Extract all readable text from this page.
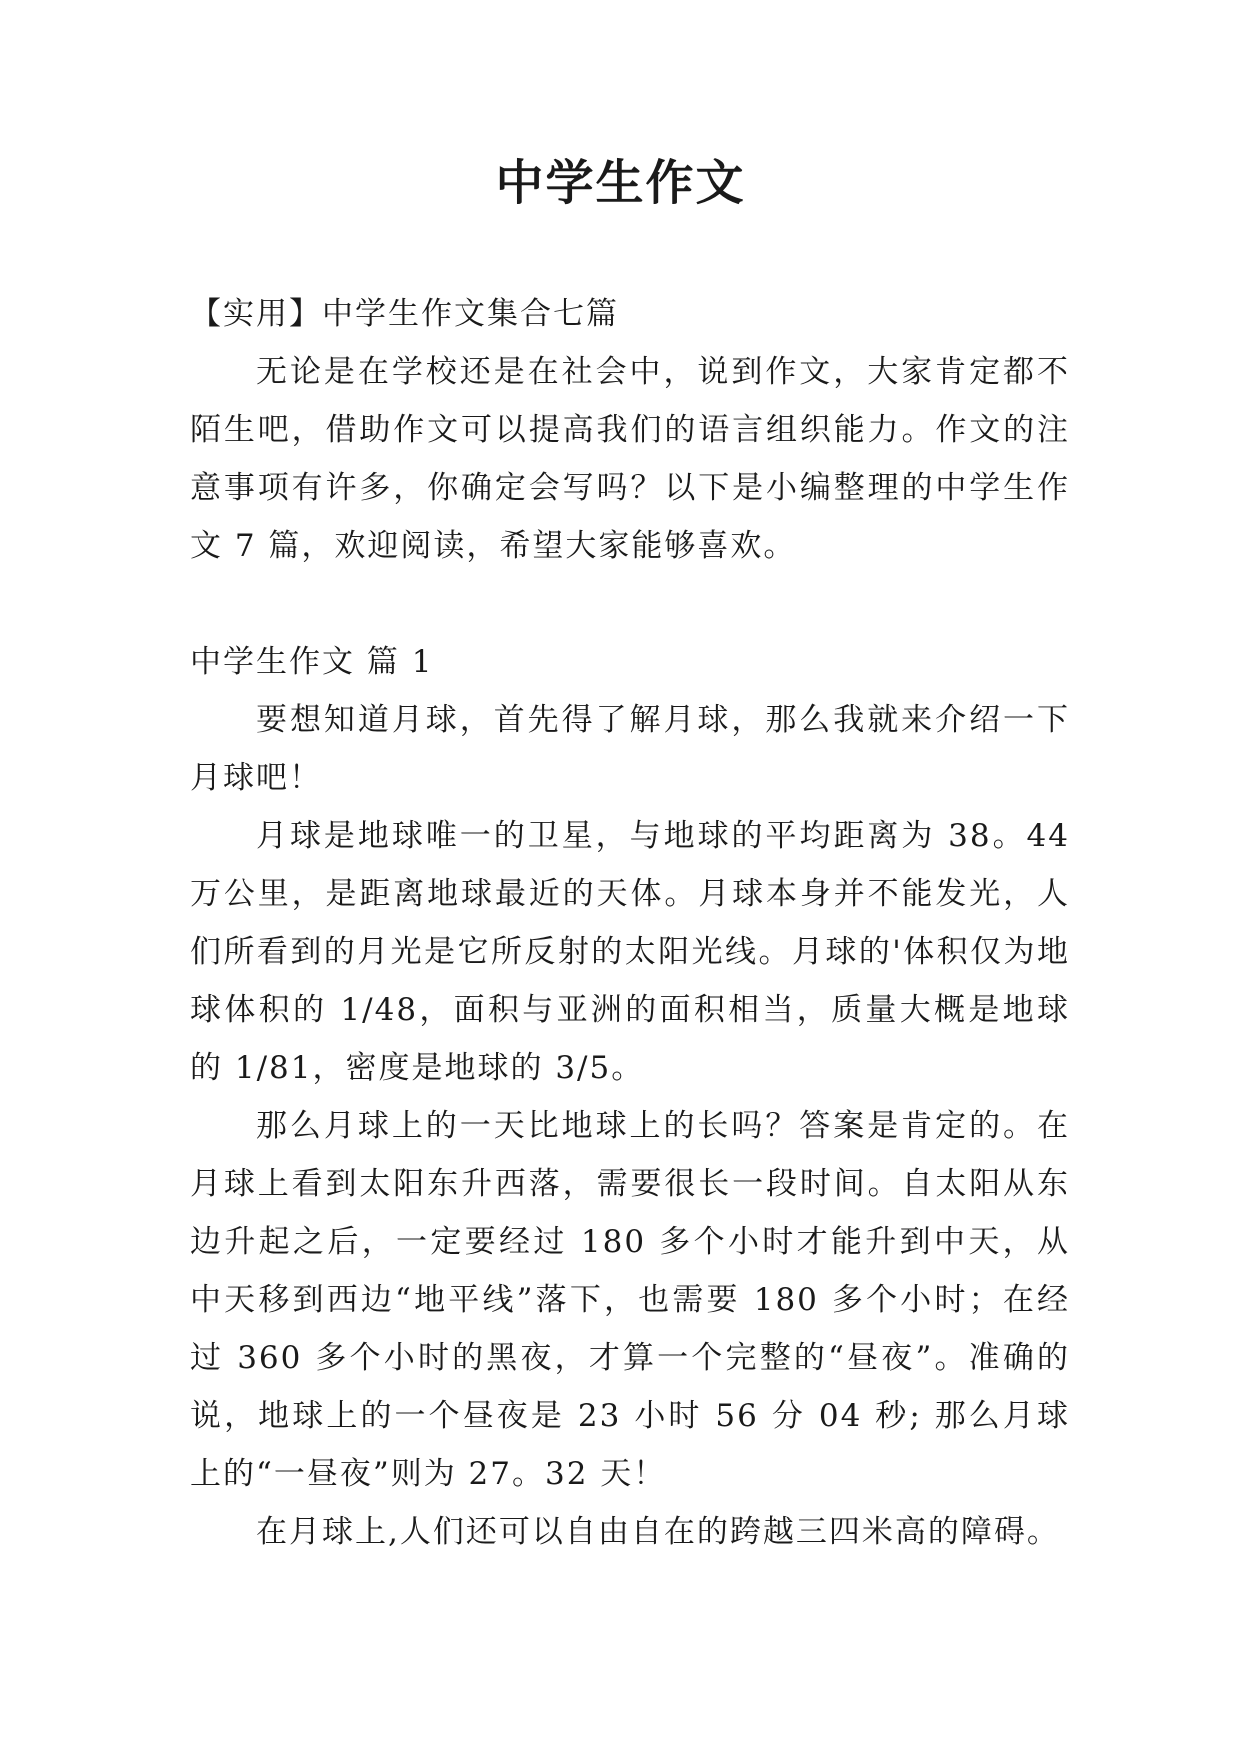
中学生作文

【实用】中学生作文集合七篇

无论是在学校还是在社会中，说到作文，大家肯定都不陌生吧，借助作文可以提高我们的语言组织能力。作文的注意事项有许多，你确定会写吗？以下是小编整理的中学生作文 7 篇，欢迎阅读，希望大家能够喜欢。

中学生作文 篇 1

要想知道月球，首先得了解月球，那么我就来介绍一下月球吧！

月球是地球唯一的卫星，与地球的平均距离为 38。44 万公里，是距离地球最近的天体。月球本身并不能发光，人们所看到的月光是它所反射的太阳光线。月球的'体积仅为地球体积的 1/48，面积与亚洲的面积相当，质量大概是地球的 1/81，密度是地球的 3/5。

那么月球上的一天比地球上的长吗？答案是肯定的。在月球上看到太阳东升西落，需要很长一段时间。自太阳从东边升起之后，一定要经过 180 多个小时才能升到中天，从中天移到西边“地平线”落下，也需要 180 多个小时；在经过 360 多个小时的黑夜，才算一个完整的“昼夜”。准确的说，地球上的一个昼夜是 23 小时 56 分 04 秒; 那么月球上的“一昼夜”则为 27。32 天！

在月球上,人们还可以自由自在的跨越三四米高的障碍。
